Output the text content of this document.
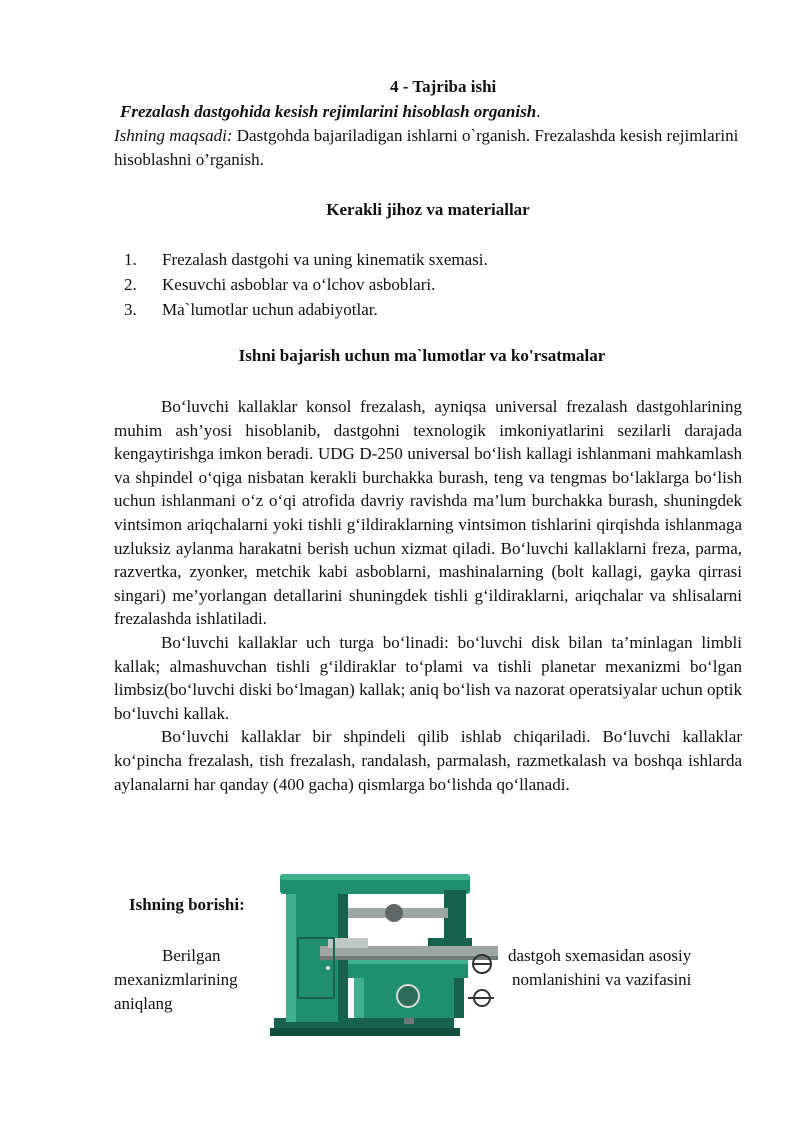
4 - Tajriba ishi
Frezalash dastgohida kesish rejimlarini hisoblash organish.
Ishning maqsadi: Dastgohda bajariladigan ishlarni o`rganish. Frezalashda kesish rejimlarini hisoblashni o’rganish.
Kerakli jihoz va materiallar
1. Frezalash dastgohi va uning kinematik sxemasi.
2. Kesuvchi asboblar va o‘lchov asboblari.
3. Ma`lumotlar uchun adabiyotlar.
Ishni bajarish uchun ma`lumotlar va ko'rsatmalar

Bo‘luvchi kallaklar konsol frezalash, ayniqsa universal frezalash dastgohlarining muhim ash’yosi hisoblanib, dastgohni texnologik imkoniyatlarini sezilarli darajada kengaytirishga imkon beradi. UDG D-250 universal bo‘lish kallagi ishlanmani mahkamlash va shpindel o‘qiga nisbatan kerakli burchakka burash, teng va tengmas bo‘laklarga bo‘lish uchun ishlanmani o‘z o‘qi atrofida davriy ravishda ma’lum burchakka burash, shuningdek vintsimon ariqchalarni yoki tishli g‘ildiraklarning vintsimon tishlarini qirqishda ishlanmaga uzluksiz aylanma harakatni berish uchun xizmat qiladi. Bo‘luvchi kallaklarni freza, parma, razvertka, zyonker, metchik kabi asboblarni, mashinalarning (bolt kallagi, gayka qirrasi singari) me’yorlangan detallarini shuningdek tishli g‘ildiraklarni, ariqchalar va shlisalarni frezalashda ishlatiladi.

Bo‘luvchi kallaklar uch turga bo‘linadi: bo‘luvchi disk bilan ta’minlagan limbli kallak; almashuvchan tishli g‘ildiraklar to‘plami va tishli planetar mexanizmi bo‘lgan limbsiz(bo‘luvchi diski bo‘lmagan) kallak; aniq bo‘lish va nazorat operatsiyalar uchun optik bo‘luvchi kallak.

Bo‘luvchi kallaklar bir shpindeli qilib ishlab chiqariladi. Bo‘luvchi kallaklar ko‘pincha frezalash, tish frezalash, randalash, parmalash, razmetkalash va boshqa ishlarda aylanalarni har qanday (400 gacha) qismlarga bo‘lishda qo‘llanadi.

Ishning borishi:
Berilgan	dastgoh sxemasidan asosiy
mexanizmlarining	nomlanishini va vazifasini
aniqlang
